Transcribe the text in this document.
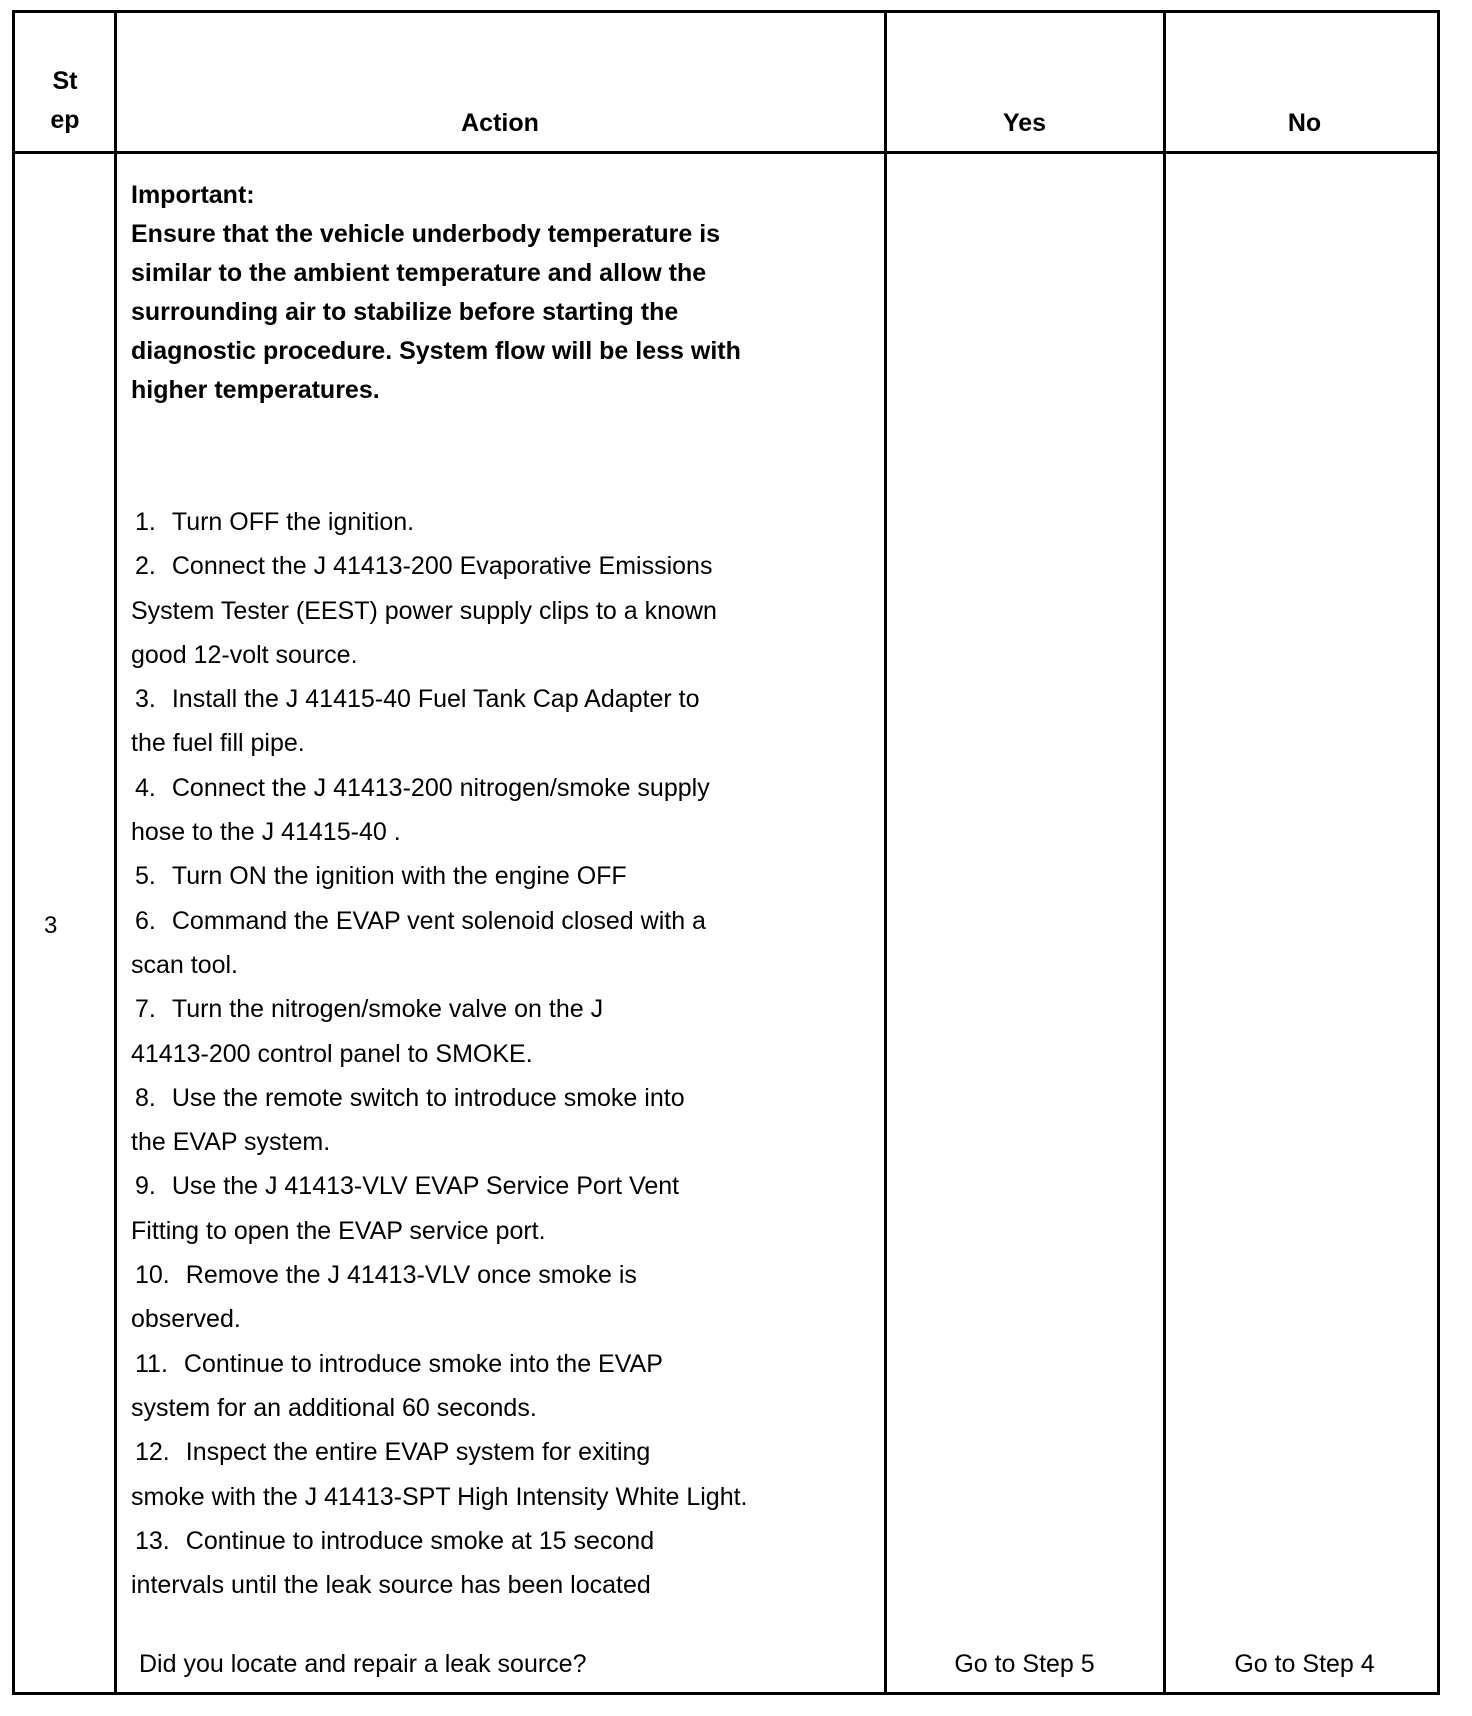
St
ep	Action	Yes	No
3

Important:

Ensure that the vehicle underbody temperature is

similar to the ambient temperature and allow the

surrounding air to stabilize before starting the

diagnostic procedure. System flow will be less with

higher temperatures.

1. Turn OFF the ignition.
2. Connect the J 41413-200 Evaporative Emissions
System Tester (EEST) power supply clips to a known
good 12-volt source.
3. Install the J 41415-40 Fuel Tank Cap Adapter to
the fuel fill pipe.
4. Connect the J 41413-200 nitrogen/smoke supply
hose to the J 41415-40 .
5. Turn ON the ignition with the engine OFF
6. Command the EVAP vent solenoid closed with a
scan tool.
7. Turn the nitrogen/smoke valve on the J
41413-200 control panel to SMOKE.
8. Use the remote switch to introduce smoke into
the EVAP system.
9. Use the J 41413-VLV EVAP Service Port Vent
Fitting to open the EVAP service port.
10. Remove the J 41413-VLV once smoke is
observed.
11. Continue to introduce smoke into the EVAP
system for an additional 60 seconds.
12. Inspect the entire EVAP system for exiting
smoke with the J 41413-SPT High Intensity White Light.
13. Continue to introduce smoke at 15 second
intervals until the leak source has been located
Did you locate and repair a leak source?	Go to Step 5	Go to Step 4
